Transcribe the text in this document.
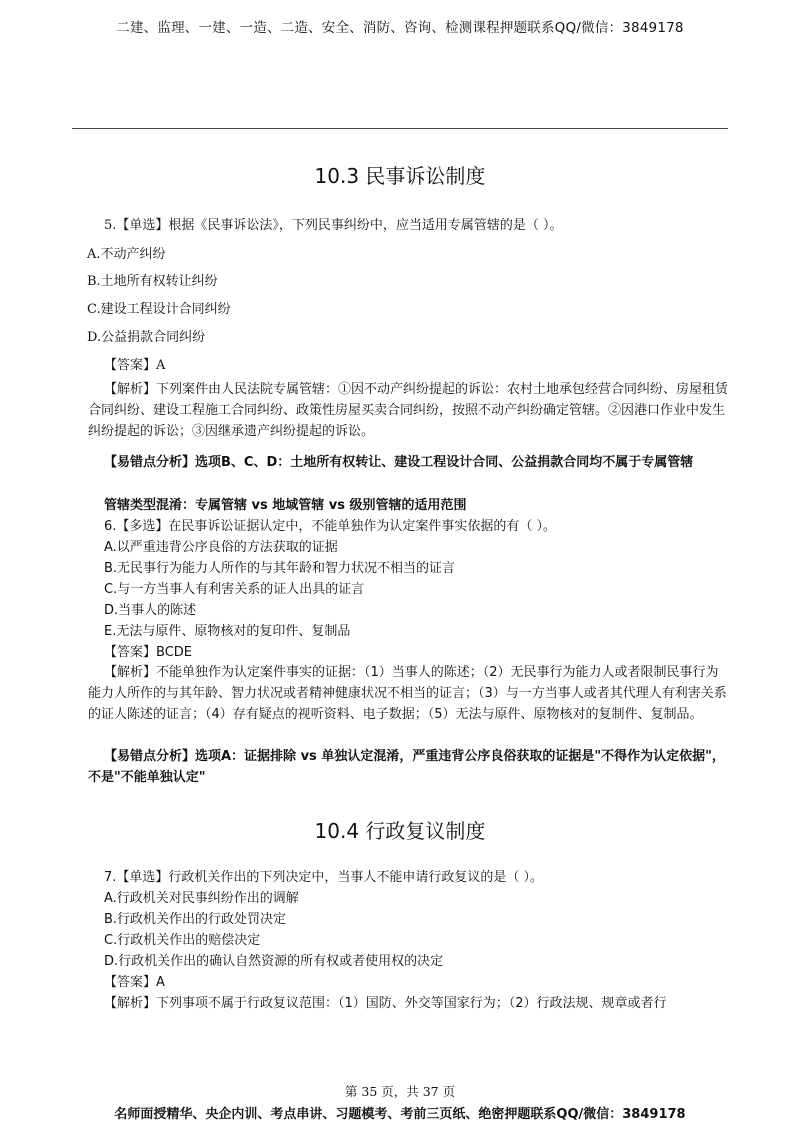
二建、监理、一建、一造、二造、安全、消防、咨询、检测课程押题联系QQ/微信：3849178
10.3 民事诉讼制度
5.【单选】根据《民事诉讼法》，下列民事纠纷中，应当适用专属管辖的是（ ）。
A.不动产纠纷
B.土地所有权转让纠纷
C.建设工程设计合同纠纷
D.公益捐款合同纠纷
【答案】A
【解析】下列案件由人民法院专属管辖：①因不动产纠纷提起的诉讼：农村土地承包经营合同纠纷、房屋租赁合同纠纷、建设工程施工合同纠纷、政策性房屋买卖合同纠纷，按照不动产纠纷确定管辖。②因港口作业中发生纠纷提起的诉讼；③因继承遗产纠纷提起的诉讼。
【易错点分析】选项B、C、D：土地所有权转让、建设工程设计合同、公益捐款合同均不属于专属管辖
管辖类型混淆：专属管辖 vs 地域管辖 vs 级别管辖的适用范围
6.【多选】在民事诉讼证据认定中，不能单独作为认定案件事实依据的有（ ）。
A.以严重违背公序良俗的方法获取的证据
B.无民事行为能力人所作的与其年龄和智力状况不相当的证言
C.与一方当事人有利害关系的证人出具的证言
D.当事人的陈述
E.无法与原件、原物核对的复印件、复制品
【答案】BCDE
【解析】不能单独作为认定案件事实的证据：（1）当事人的陈述；（2）无民事行为能力人或者限制民事行为能力人所作的与其年龄、智力状况或者精神健康状况不相当的证言；（3）与一方当事人或者其代理人有利害关系的证人陈述的证言；（4）存有疑点的视听资料、电子数据；（5）无法与原件、原物核对的复制件、复制品。
【易错点分析】选项A：证据排除 vs 单独认定混淆，严重违背公序良俗获取的证据是"不得作为认定依据"，不是"不能单独认定"
10.4 行政复议制度
7.【单选】行政机关作出的下列决定中，当事人不能申请行政复议的是（ ）。
A.行政机关对民事纠纷作出的调解
B.行政机关作出的行政处罚决定
C.行政机关作出的赔偿决定
D.行政机关作出的确认自然资源的所有权或者使用权的决定
【答案】A
【解析】下列事项不属于行政复议范围：（1）国防、外交等国家行为；（2）行政法规、规章或者行
第 35 页，共 37 页
名师面授精华、央企内训、考点串讲、习题模考、考前三页纸、绝密押题联系QQ/微信：3849178
